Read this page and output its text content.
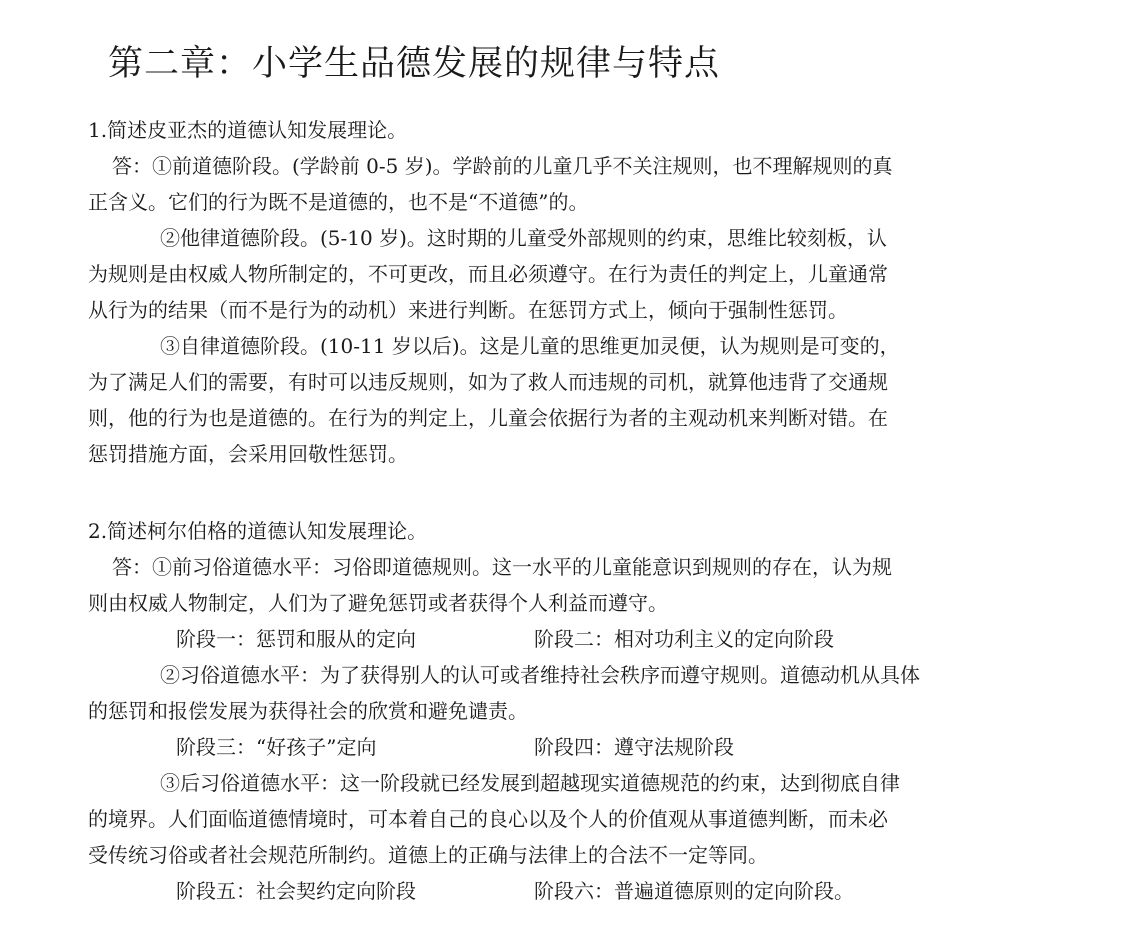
第二章：小学生品德发展的规律与特点
1.简述皮亚杰的道德认知发展理论。
答：①前道德阶段。(学龄前 0-5 岁)。学龄前的儿童几乎不关注规则，也不理解规则的真
正含义。它们的行为既不是道德的，也不是“不道德”的。
②他律道德阶段。(5-10 岁)。这时期的儿童受外部规则的约束，思维比较刻板，认
为规则是由权威人物所制定的，不可更改，而且必须遵守。在行为责任的判定上，儿童通常
从行为的结果（而不是行为的动机）来进行判断。在惩罚方式上，倾向于强制性惩罚。
③自律道德阶段。(10-11 岁以后)。这是儿童的思维更加灵便，认为规则是可变的，
为了满足人们的需要，有时可以违反规则，如为了救人而违规的司机，就算他违背了交通规
则，他的行为也是道德的。在行为的判定上，儿童会依据行为者的主观动机来判断对错。在
惩罚措施方面，会采用回敬性惩罚。
2.简述柯尔伯格的道德认知发展理论。
答：①前习俗道德水平：习俗即道德规则。这一水平的儿童能意识到规则的存在，认为规
则由权威人物制定，人们为了避免惩罚或者获得个人利益而遵守。
阶段一：惩罚和服从的定向	阶段二：相对功利主义的定向阶段
②习俗道德水平：为了获得别人的认可或者维持社会秩序而遵守规则。道德动机从具体
的惩罚和报偿发展为获得社会的欣赏和避免谴责。
阶段三：“好孩子”定向	阶段四：遵守法规阶段
③后习俗道德水平：这一阶段就已经发展到超越现实道德规范的约束，达到彻底自律
的境界。人们面临道德情境时，可本着自己的良心以及个人的价值观从事道德判断，而未必
受传统习俗或者社会规范所制约。道德上的正确与法律上的合法不一定等同。
阶段五：社会契约定向阶段	阶段六：普遍道德原则的定向阶段。
